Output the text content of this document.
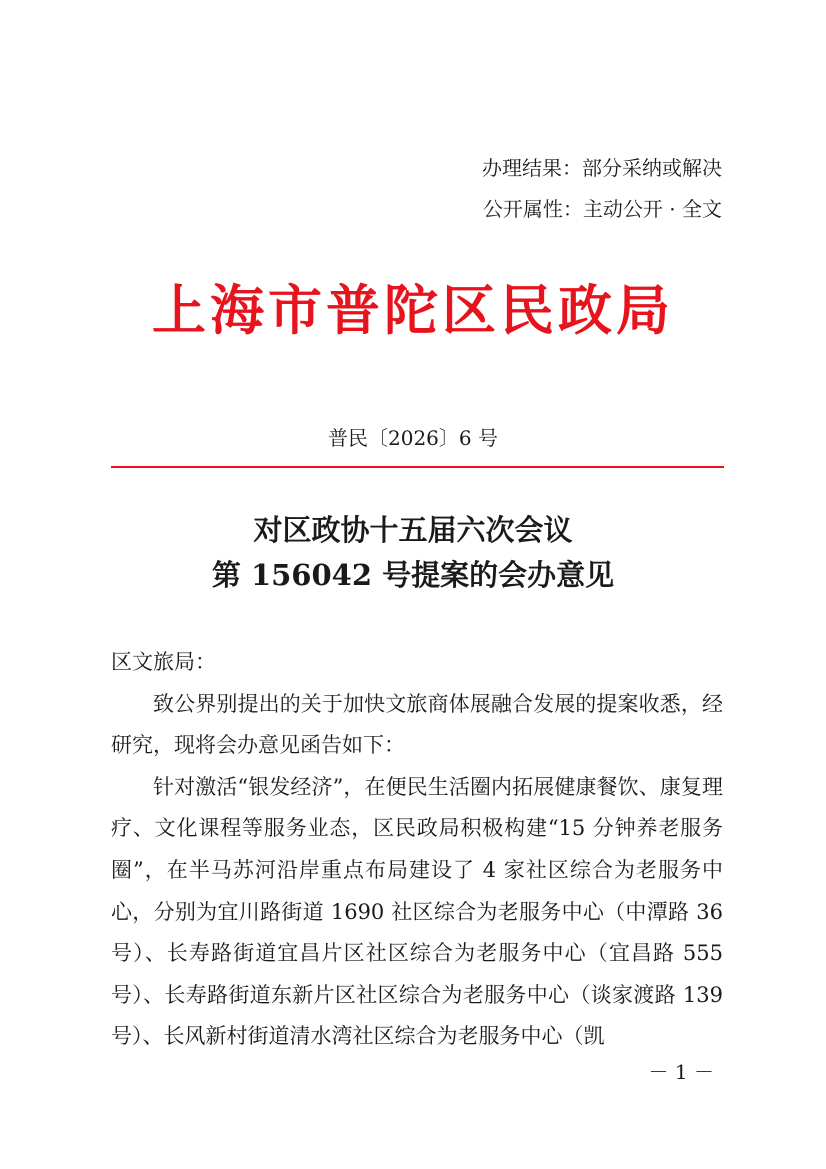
办理结果：部分采纳或解决
公开属性：主动公开 · 全文
上海市普陀区民政局
普民〔2026〕6 号
对区政协十五届六次会议
第 156042 号提案的会办意见

区文旅局：

致公界别提出的关于加快文旅商体展融合发展的提案收悉，经研究，现将会办意见函告如下：

针对激活“银发经济”，在便民生活圈内拓展健康餐饮、康复理疗、文化课程等服务业态，区民政局积极构建“15 分钟养老服务圈”，在半马苏河沿岸重点布局建设了 4 家社区综合为老服务中心，分别为宜川路街道 1690 社区综合为老服务中心（中潭路 36 号）、长寿路街道宜昌片区社区综合为老服务中心（宜昌路 555 号）、长寿路街道东新片区社区综合为老服务中心（谈家渡路 139 号）、长风新村街道清水湾社区综合为老服务中心（凯

－ 1 －
